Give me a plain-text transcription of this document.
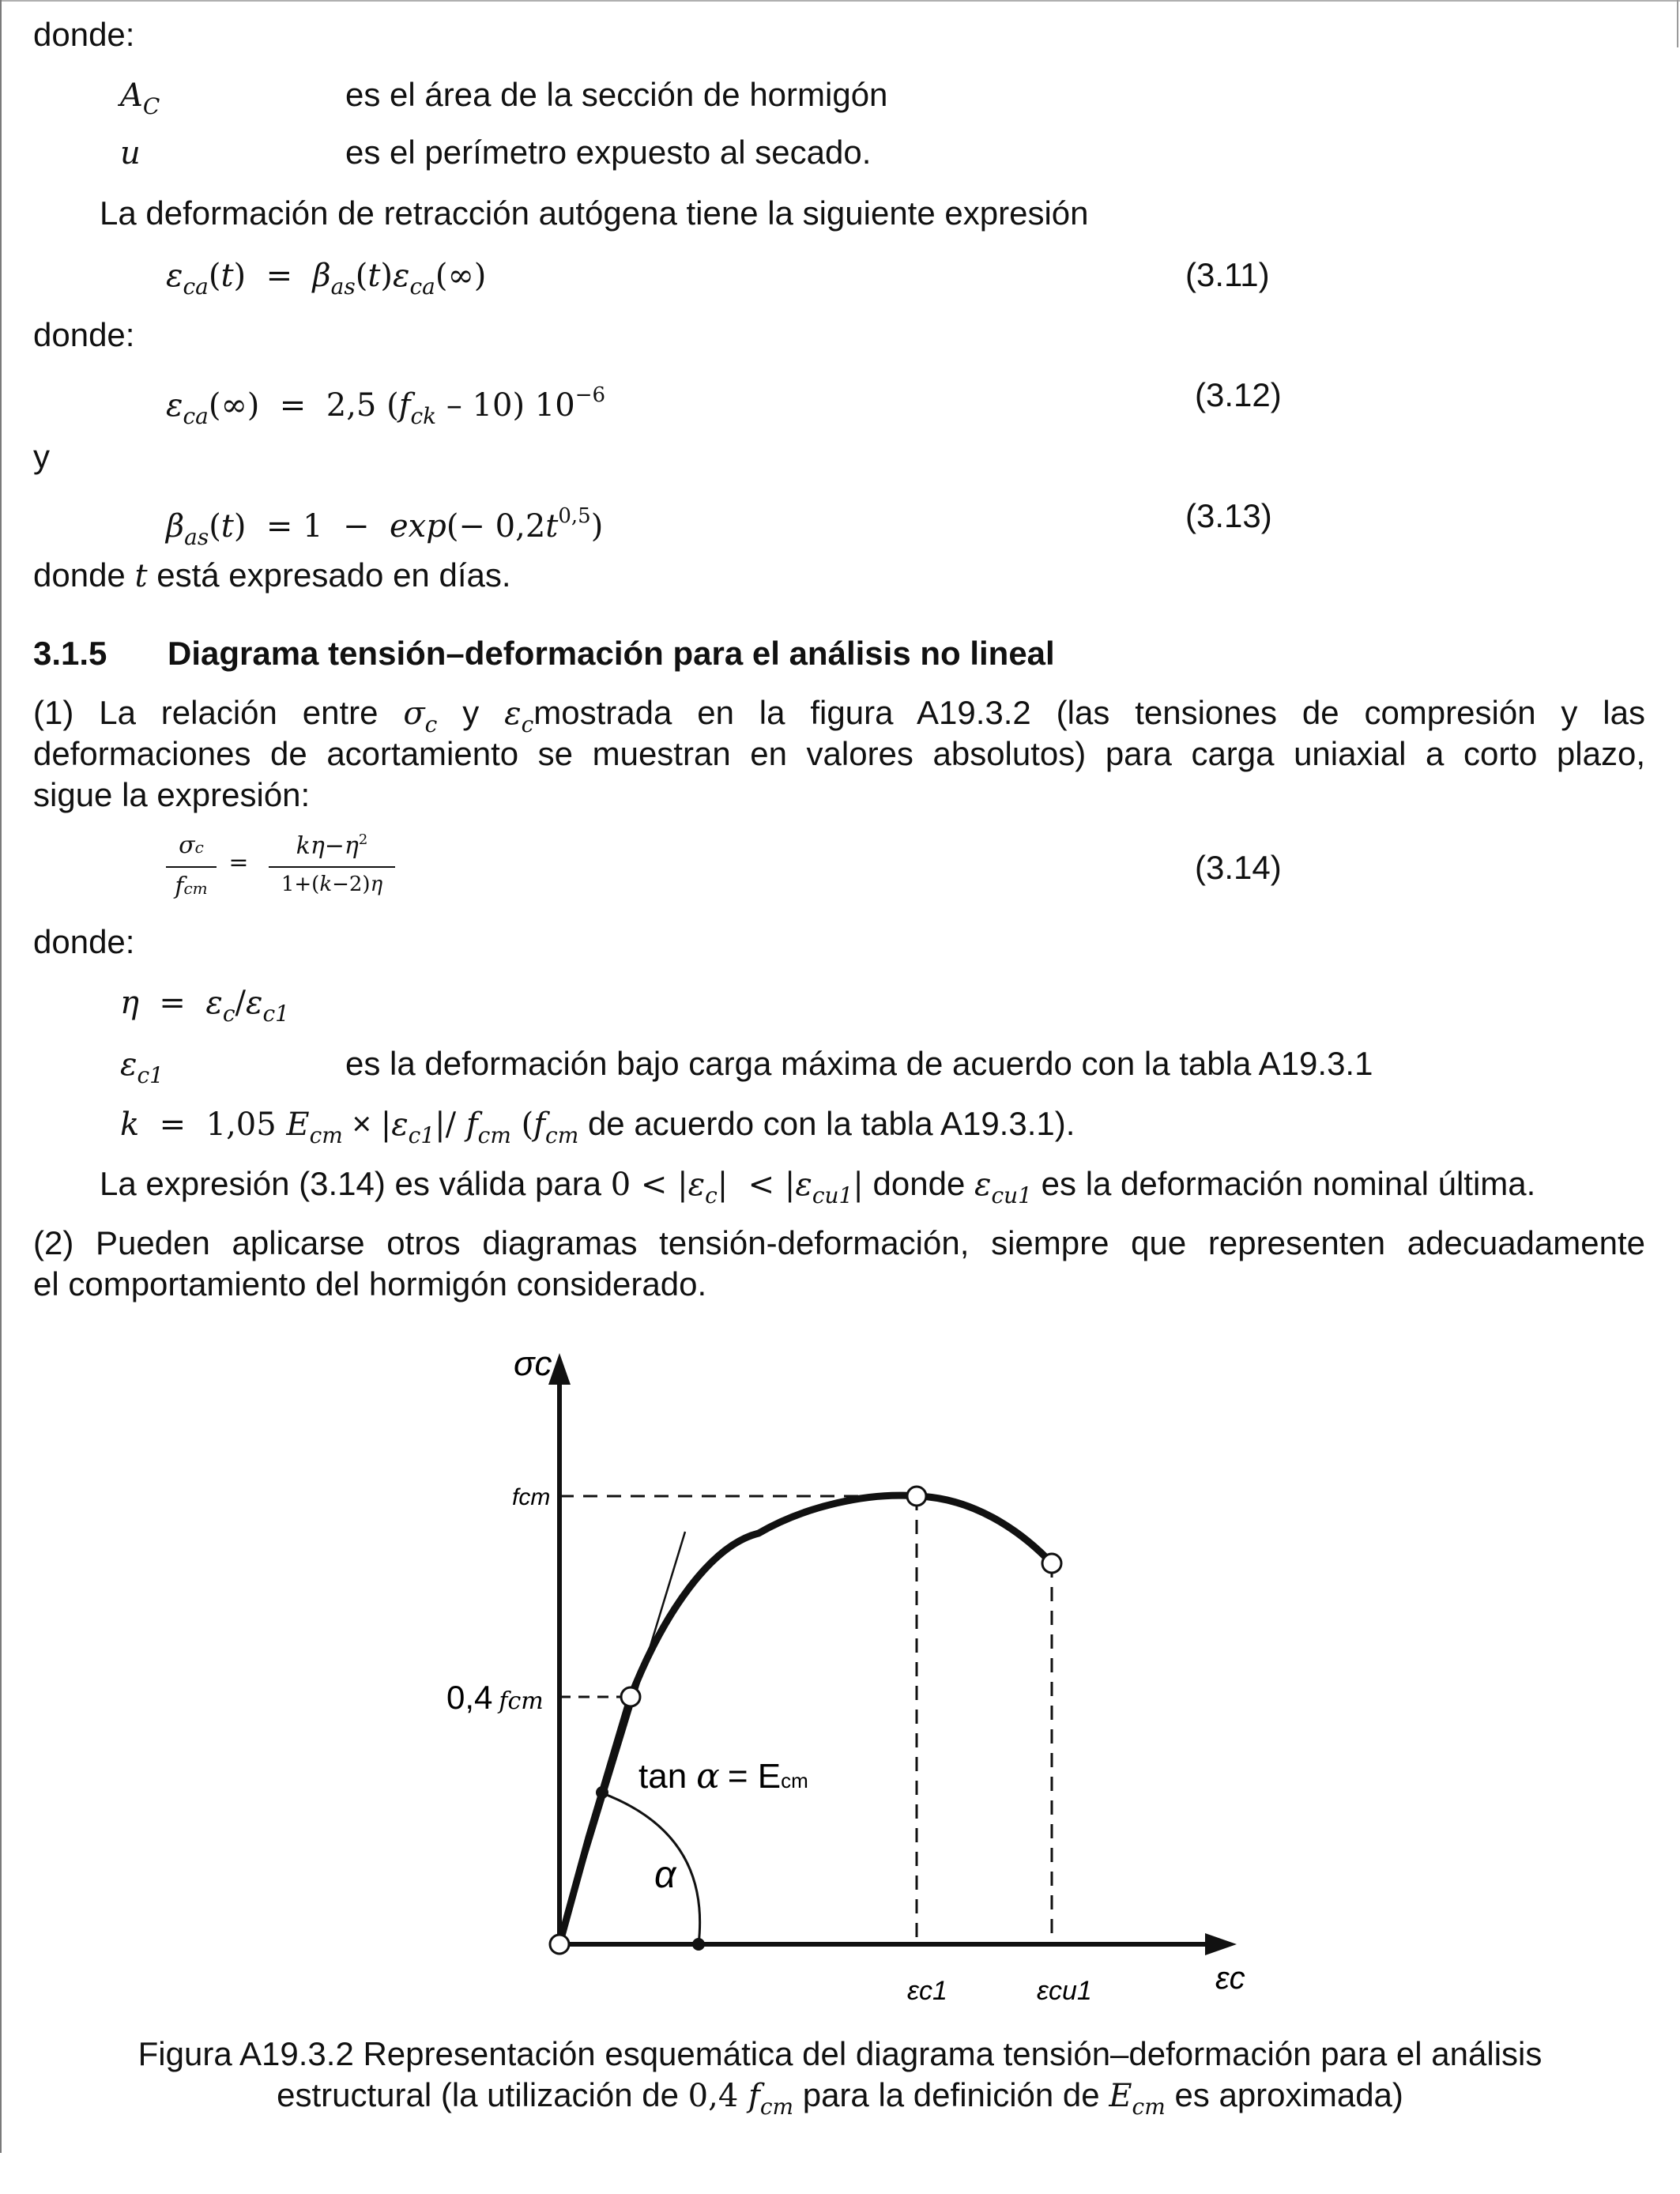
donde:
$A_C$	es el área de la sección de hormigón
u	es el perímetro expuesto al secado.
La deformación de retracción autógena tiene la siguiente expresión
$\varepsilon_{ca}(t) = \beta_{as}(t)\varepsilon_{ca}(\infty)$	(3.11)
donde:
$\varepsilon_{ca}(\infty) = 2,5$ $(f_{ck} - 10)$ $10^{-6}$	(3.12)
y
$\beta_{as}(t) = 1 - \exp(- 0,2t^{0,5})$	(3.13)
donde t está expresado en días.
3.1.5 Diagrama tensión–deformación para el análisis no lineal
(1) La relación entre $\sigma_c$ y $\varepsilon_cmostrada$ en la figura A19.3.2 (las tensiones de compresión y las
deformaciones de acortamiento se muestran en valores absolutos) para carga uniaxial a corto plazo,
sigue la expresión:
σc
fcm
=
$k\eta-\eta^2$
1+(k−2)η	(3.14)
donde:
$\eta = \varepsilon_c/\varepsilon_{c1}$
$\varepsilon_{c1}$	es la deformación bajo carga máxima de acuerdo con la tabla A19.3.1
k  =  1,05 $E_{cm} \times |\varepsilon_{c1}|/$ $f_{cm}$ ($f_{cm}$ de acuerdo con la tabla A19.3.1).
La expresión (3.14) es válida para $0 < |\varepsilon_c| < |\varepsilon_{cu1}|$ donde $\varepsilon_{cu1}$ es la deformación nominal última.
(2) Pueden aplicarse otros diagramas tensión-deformación, siempre que representen adecuadamente
el comportamiento del hormigón considerado.
σc
fcm
0,4 fcm
tan α = Ecm
α
εc1	εcu1	εc
Figura A19.3.2 Representación esquemática del diagrama tensión–deformación para el análisis
estructural (la utilización de 0,4 $f_{cm}$ para la definición de $E_{cm}$ es aproximada)
